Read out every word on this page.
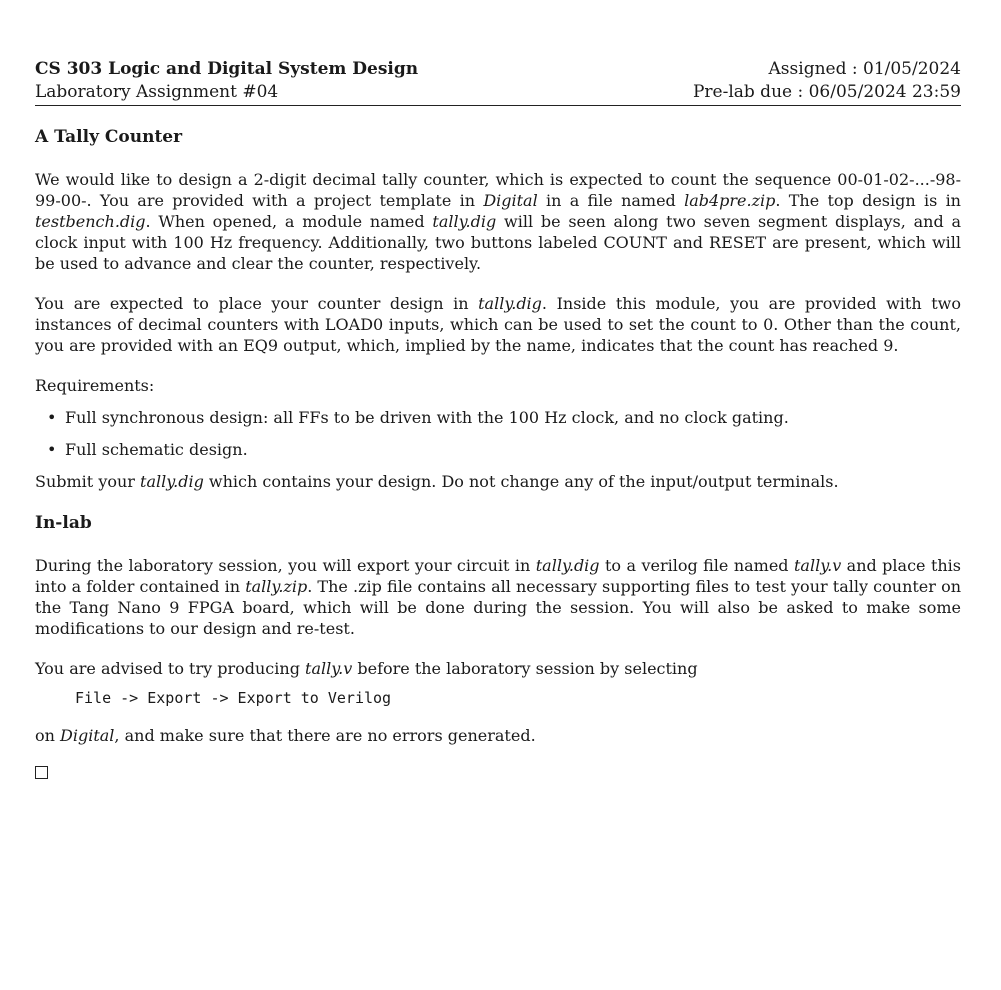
CS 303 Logic and Digital System Design
Laboratory Assignment #04
Assigned : 01/05/2024
Pre-lab due : 06/05/2024 23:59
A Tally Counter

We would like to design a 2-digit decimal tally counter, which is expected to count the sequence 00-01-02-...-98-99-00-. You are provided with a project template in Digital in a file named lab4pre.zip. The top design is in testbench.dig. When opened, a module named tally.dig will be seen along two seven segment displays, and a clock input with 100 Hz frequency. Additionally, two buttons labeled COUNT and RESET are present, which will be used to advance and clear the counter, respectively.

You are expected to place your counter design in tally.dig. Inside this module, you are provided with two instances of decimal counters with LOAD0 inputs, which can be used to set the count to 0. Other than the count, you are provided with an EQ9 output, which, implied by the name, indicates that the count has reached 9.

Requirements:

• Full synchronous design: all FFs to be driven with the 100 Hz clock, and no clock gating.
• Full schematic design.

Submit your tally.dig which contains your design. Do not change any of the input/output terminals.

In-lab

During the laboratory session, you will export your circuit in tally.dig to a verilog file named tally.v and place this into a folder contained in tally.zip. The .zip file contains all necessary supporting files to test your tally counter on the Tang Nano 9 FPGA board, which will be done during the session. You will also be asked to make some modifications to our design and re-test.

You are advised to try producing tally.v before the laboratory session by selecting

File -> Export -> Export to Verilog

on Digital, and make sure that there are no errors generated.
